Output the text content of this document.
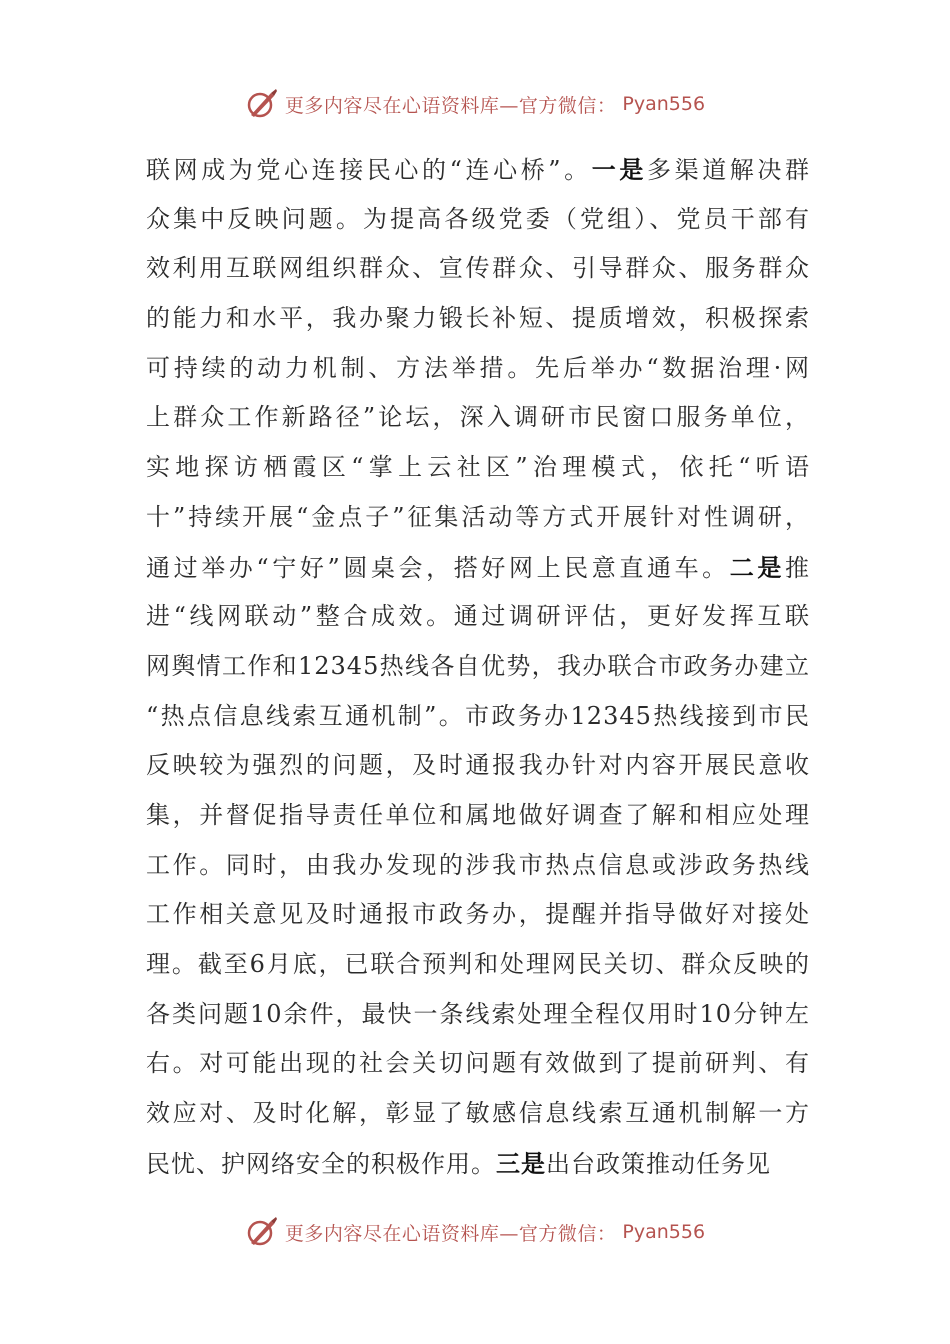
更多内容尽在心语资料库—官方微信： Pyan556
联网成为党心连接民心的“连心桥”。一是多渠道解决群
众集中反映问题。为提高各级党委（党组）、党员干部有
效利用互联网组织群众、宣传群众、引导群众、服务群众
的能力和水平，我办聚力锻长补短、提质增效，积极探索
可持续的动力机制、方法举措。先后举办“数据治理·网
上群众工作新路径”论坛，深入调研市民窗口服务单位，
实地探访栖霞区“掌上云社区”治理模式，依托“听语
十”持续开展“金点子”征集活动等方式开展针对性调研，
通过举办“宁好”圆桌会，搭好网上民意直通车。二是推
进“线网联动”整合成效。通过调研评估，更好发挥互联
网舆情工作和12345热线各自优势，我办联合市政务办建立
“热点信息线索互通机制”。市政务办12345热线接到市民
反映较为强烈的问题，及时通报我办针对内容开展民意收
集，并督促指导责任单位和属地做好调查了解和相应处理
工作。同时，由我办发现的涉我市热点信息或涉政务热线
工作相关意见及时通报市政务办，提醒并指导做好对接处
理。截至6月底，已联合预判和处理网民关切、群众反映的
各类问题10余件，最快一条线索处理全程仅用时10分钟左
右。对可能出现的社会关切问题有效做到了提前研判、有
效应对、及时化解，彰显了敏感信息线索互通机制解一方
民忧、护网络安全的积极作用。三是出台政策推动任务见
更多内容尽在心语资料库—官方微信： Pyan556
